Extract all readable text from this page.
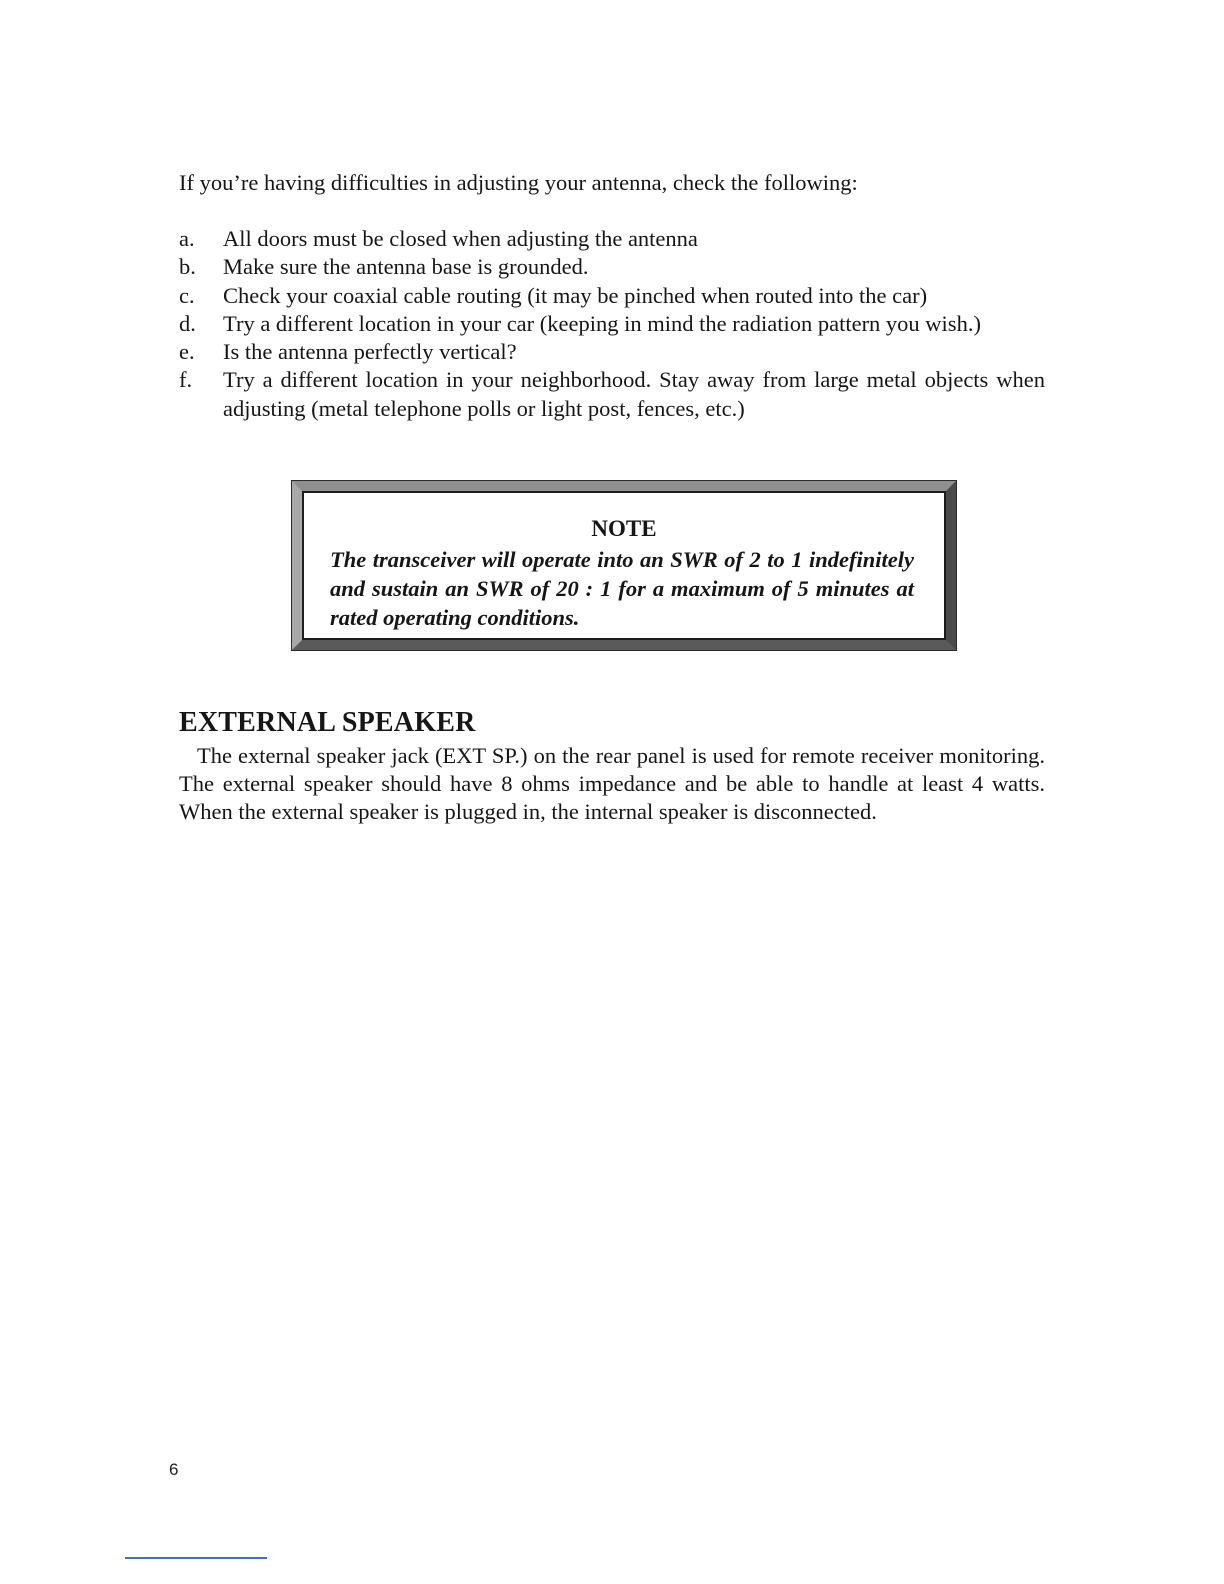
If you’re having difficulties in adjusting your antenna, check the following:

a. All doors must be closed when adjusting the antenna
b. Make sure the antenna base is grounded.
c. Check your coaxial cable routing (it may be pinched when routed into the car)
d. Try a different location in your car (keeping in mind the radiation pattern you wish.)
e. Is the antenna perfectly vertical?
f. Try a different location in your neighborhood. Stay away from large metal objects when adjusting (metal telephone polls or light post, fences, etc.)
NOTE

The transceiver will operate into an SWR of 2 to 1 indefinitely and sustain an SWR of 20 : 1 for a maximum of 5 minutes at rated operating conditions.

EXTERNAL SPEAKER

The external speaker jack (EXT SP.) on the rear panel is used for remote receiver monitoring. The external speaker should have 8 ohms impedance and be able to handle at least 4 watts. When the external speaker is plugged in, the internal speaker is disconnected.

6
